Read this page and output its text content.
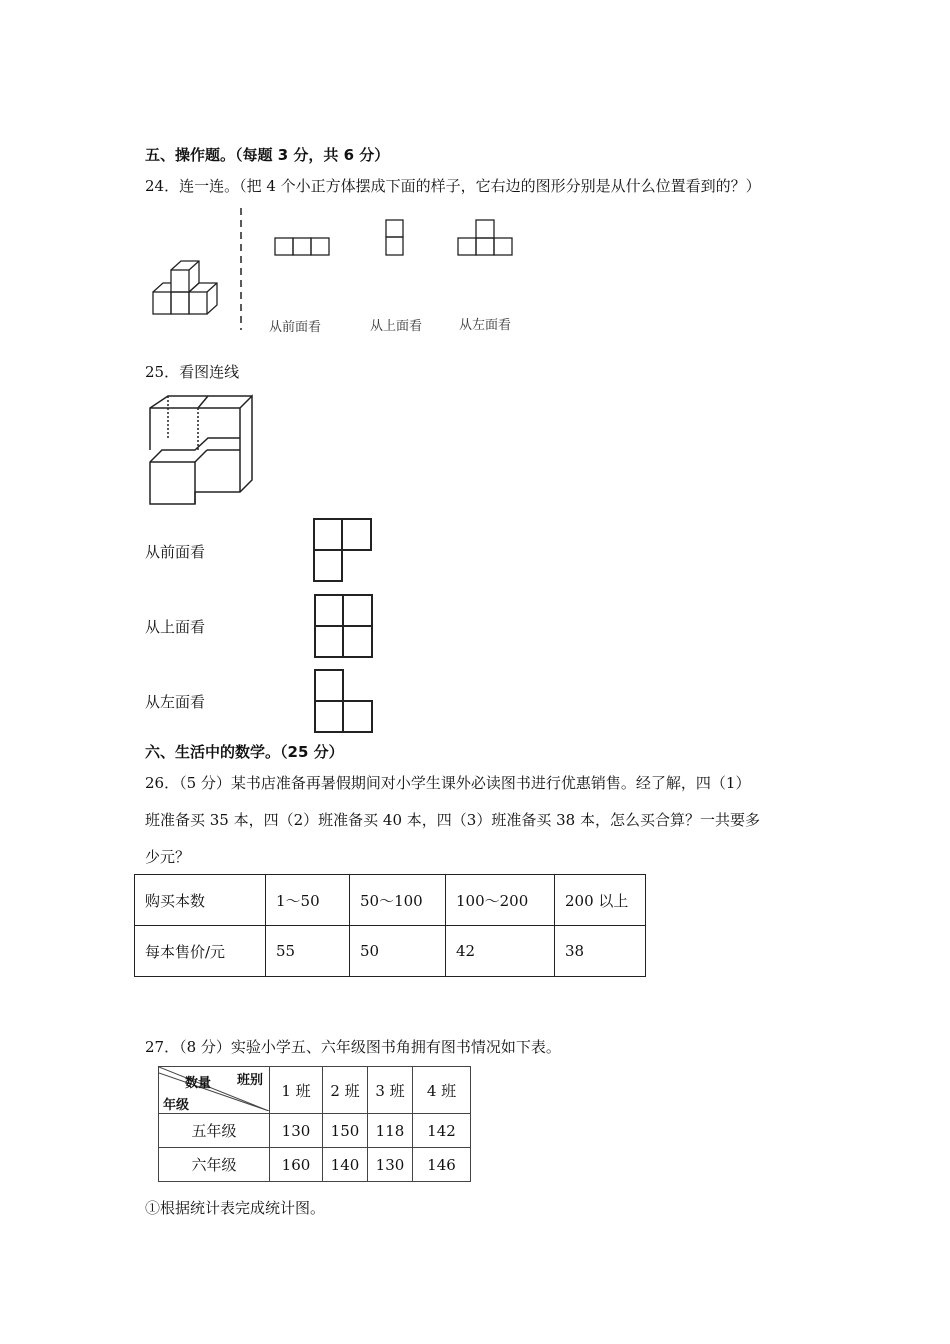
五、操作题。（每题 3 分，共 6 分）
24．连一连。（把 4 个小正方体摆成下面的样子，它右边的图形分别是从什么位置看到的？）
从前面看	从上面看	从左面看
25．看图连线
从前面看
从上面看
从左面看
六、生活中的数学。（25 分）
26．（5 分）某书店准备再暑假期间对小学生课外必读图书进行优惠销售。经了解，四（1）
班准备买 35 本，四（2）班准备买 40 本，四（3）班准备买 38 本，怎么买合算？一共要多
少元？
购买本数	1～50	50～100	100～200	200 以上
每本售价/元	55	50	42	38
27．（8 分）实验小学五、六年级图书角拥有图书情况如下表。
班别
数量
年级	1 班	2 班	3 班	4 班
五年级	130	150	118	142
六年级	160	140	130	146
①根据统计表完成统计图。
